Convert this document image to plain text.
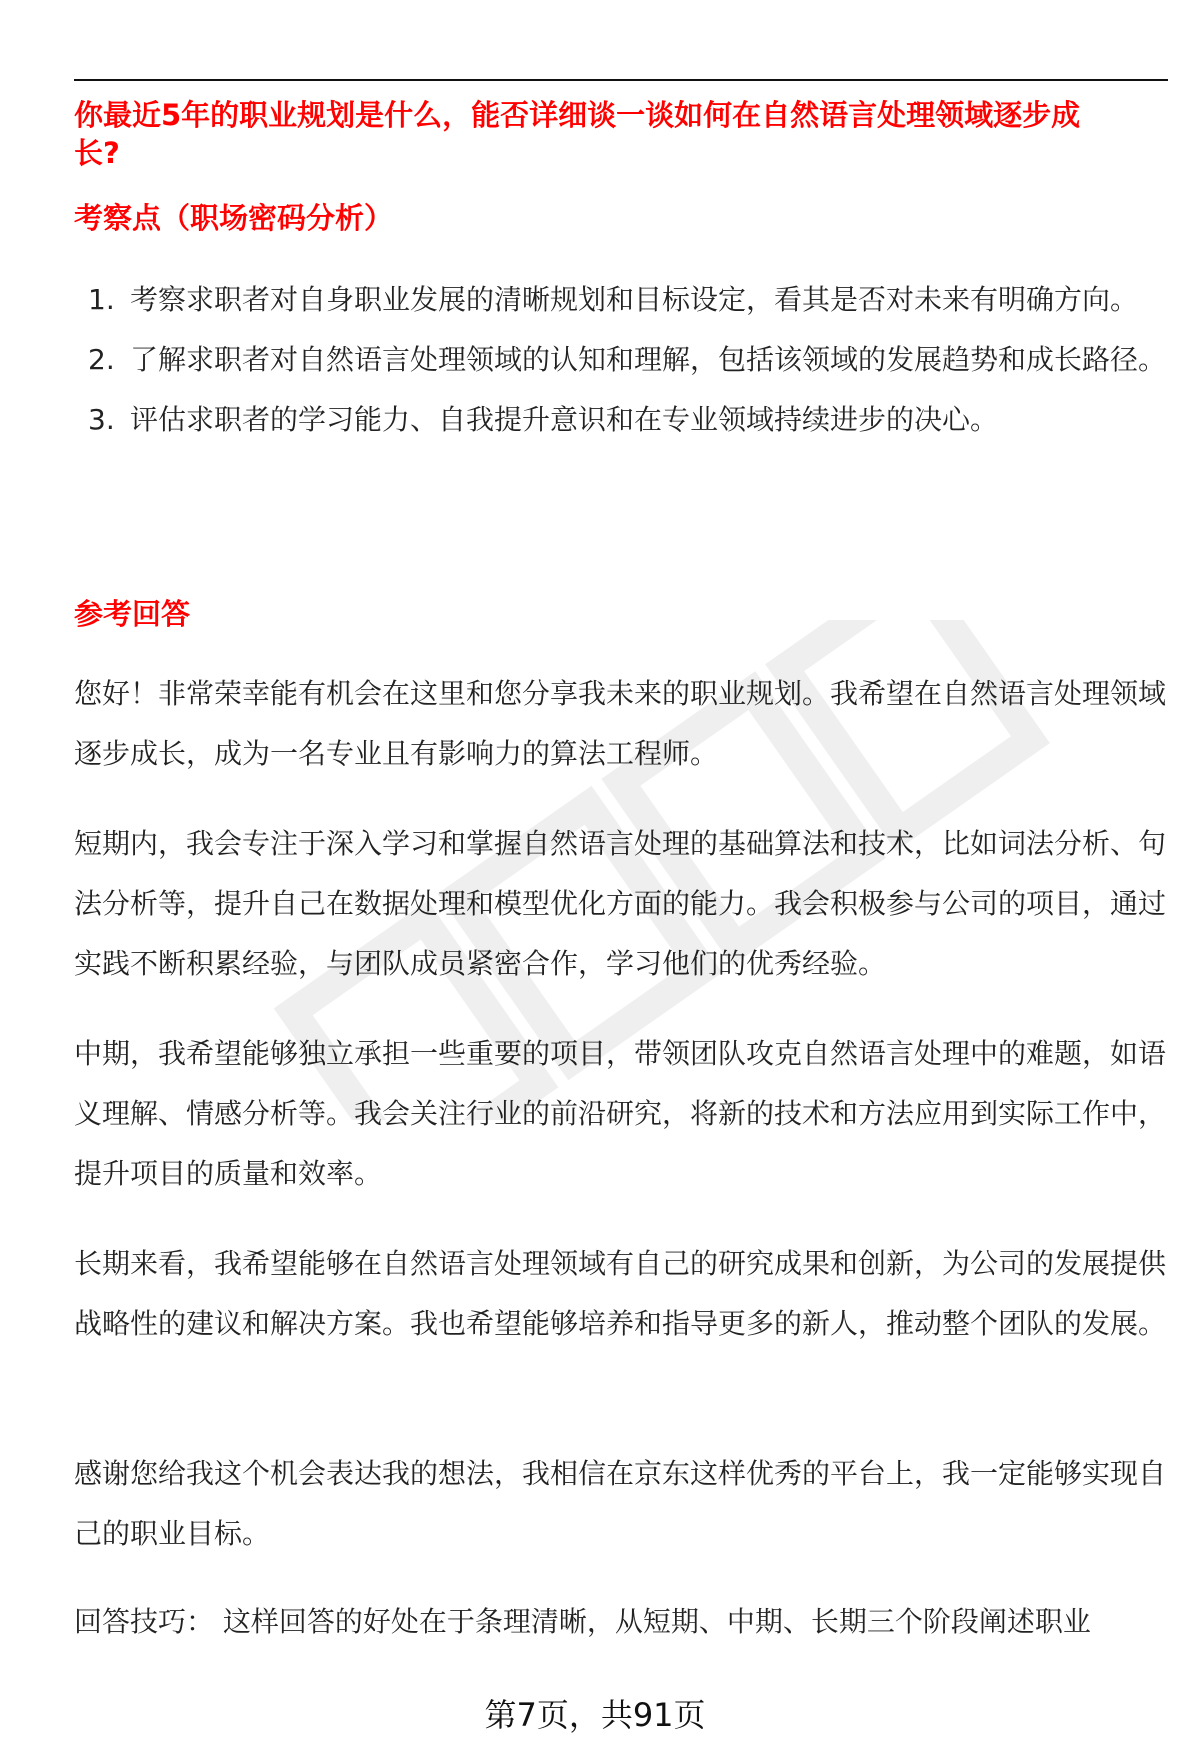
你最近5年的职业规划是什么，能否详细谈一谈如何在自然语言处理领域逐步成长?
考察点（职场密码分析）
1. 考察求职者对自身职业发展的清晰规划和目标设定，看其是否对未来有明确方向。
2. 了解求职者对自然语言处理领域的认知和理解，包括该领域的发展趋势和成长路径。
3. 评估求职者的学习能力、自我提升意识和在专业领域持续进步的决心。
参考回答
您好！非常荣幸能有机会在这里和您分享我未来的职业规划。我希望在自然语言处理领域逐步成长，成为一名专业且有影响力的算法工程师。
短期内，我会专注于深入学习和掌握自然语言处理的基础算法和技术，比如词法分析、句法分析等，提升自己在数据处理和模型优化方面的能力。我会积极参与公司的项目，通过实践不断积累经验，与团队成员紧密合作，学习他们的优秀经验。
中期，我希望能够独立承担一些重要的项目，带领团队攻克自然语言处理中的难题，如语义理解、情感分析等。我会关注行业的前沿研究，将新的技术和方法应用到实际工作中，提升项目的质量和效率。
长期来看，我希望能够在自然语言处理领域有自己的研究成果和创新，为公司的发展提供战略性的建议和解决方案。我也希望能够培养和指导更多的新人，推动整个团队的发展。
感谢您给我这个机会表达我的想法，我相信在京东这样优秀的平台上，我一定能够实现自己的职业目标。
回答技巧： 这样回答的好处在于条理清晰，从短期、中期、长期三个阶段阐述职业
第7页，共91页
